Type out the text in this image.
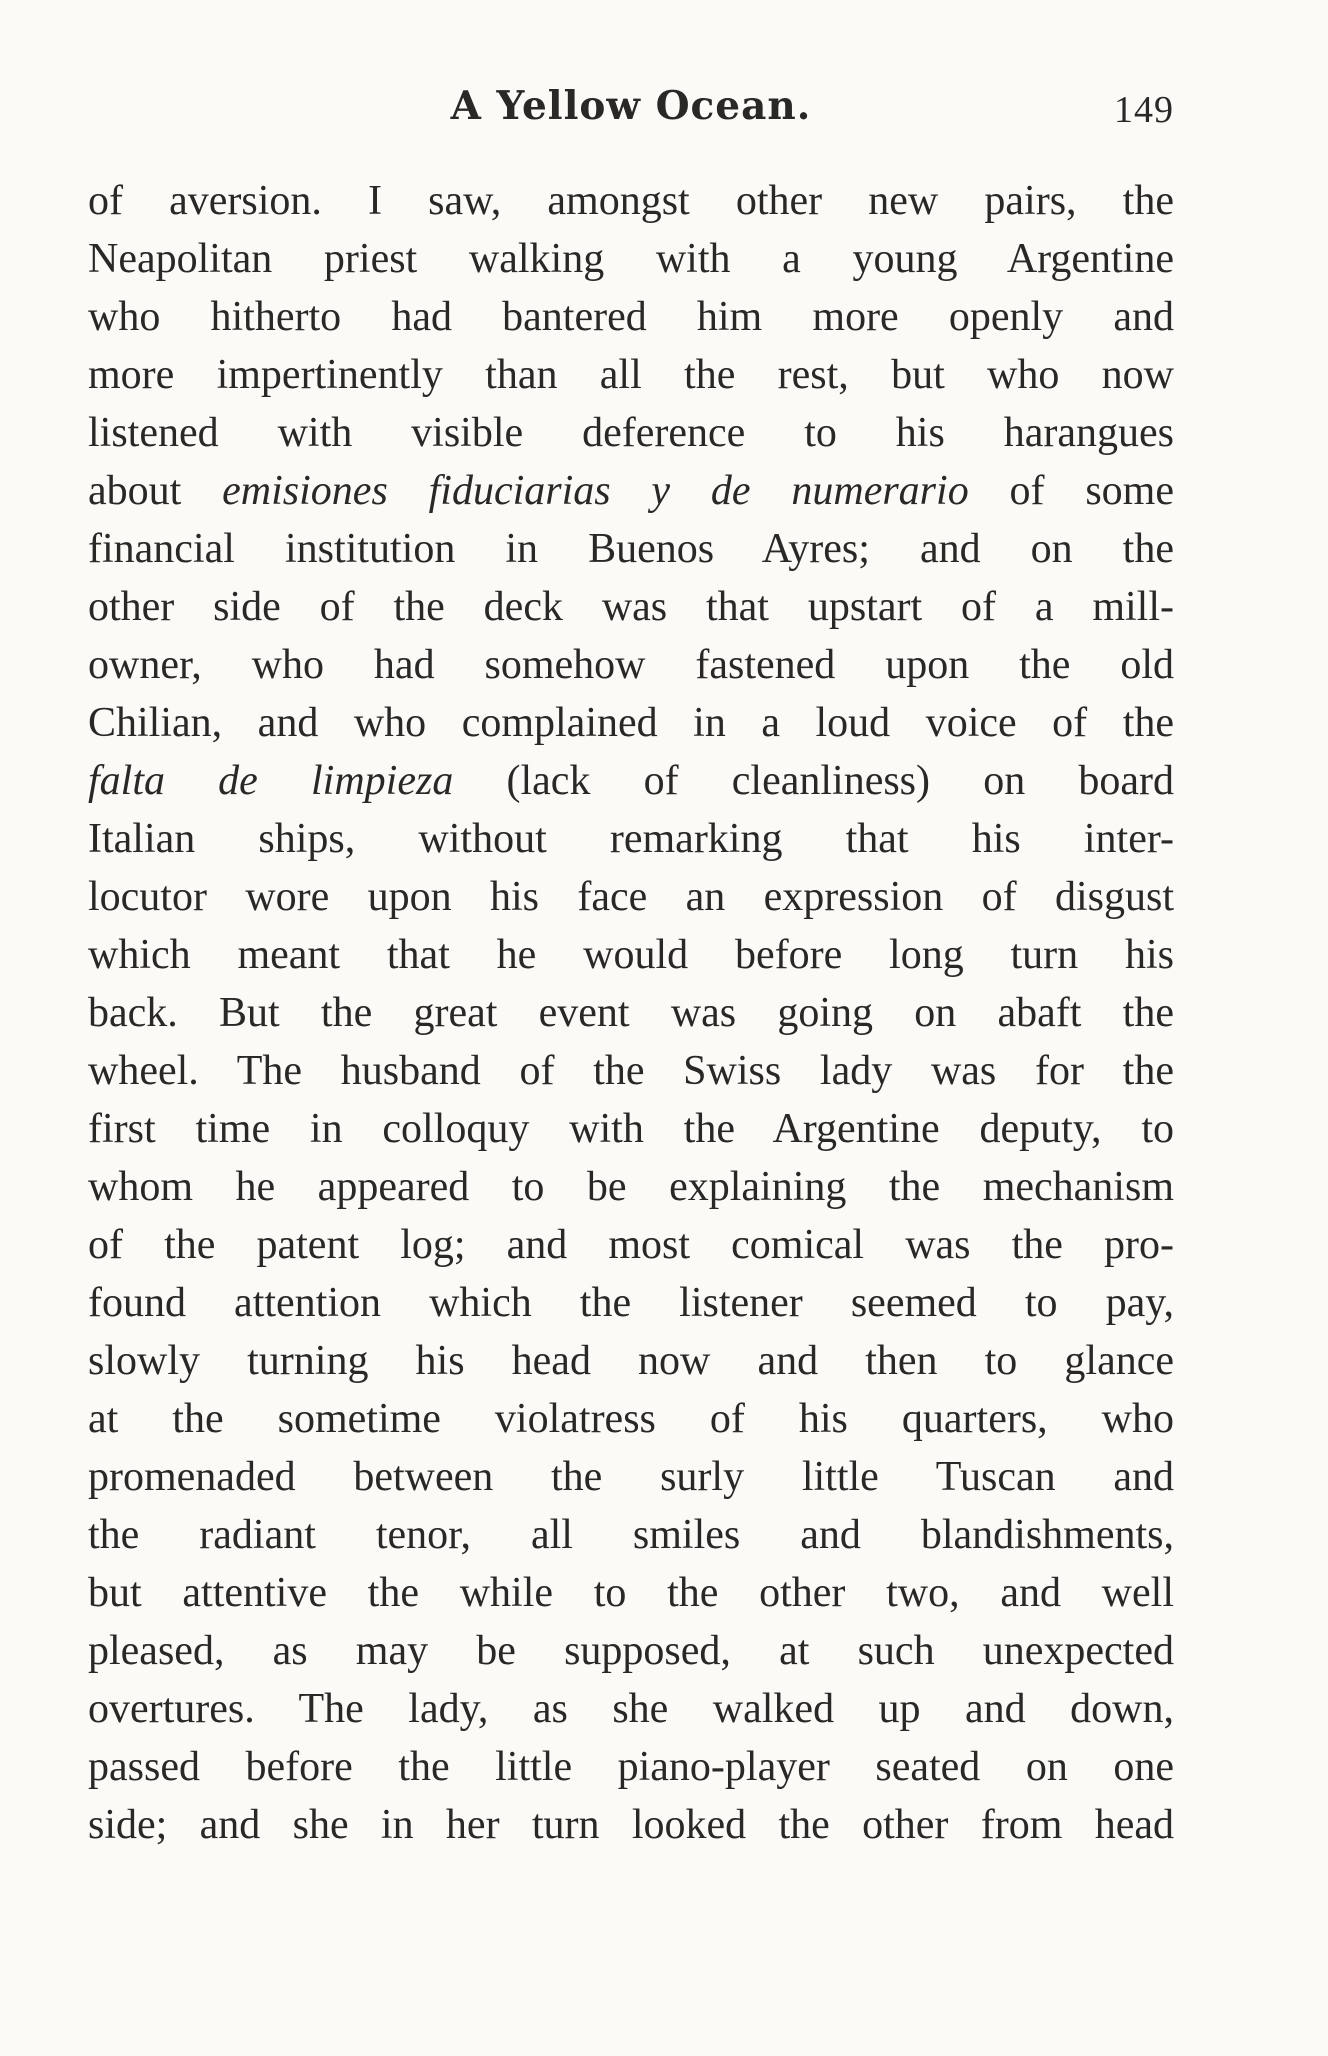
A Yellow Ocean.	149
of aversion. I saw, amongst other new pairs, the
Neapolitan priest walking with a young Argentine
who hitherto had bantered him more openly and
more impertinently than all the rest, but who now
listened with visible deference to his harangues
about emisiones fiduciarias y de numerario of some
financial institution in Buenos Ayres; and on the
other side of the deck was that upstart of a mill-
owner, who had somehow fastened upon the old
Chilian, and who complained in a loud voice of the
falta de limpieza (lack of cleanliness) on board
Italian ships, without remarking that his inter-
locutor wore upon his face an expression of disgust
which meant that he would before long turn his
back. But the great event was going on abaft the
wheel. The husband of the Swiss lady was for the
first time in colloquy with the Argentine deputy, to
whom he appeared to be explaining the mechanism
of the patent log; and most comical was the pro-
found attention which the listener seemed to pay,
slowly turning his head now and then to glance
at the sometime violatress of his quarters, who
promenaded between the surly little Tuscan and
the radiant tenor, all smiles and blandishments,
but attentive the while to the other two, and well
pleased, as may be supposed, at such unexpected
overtures. The lady, as she walked up and down,
passed before the little piano-player seated on one
side; and she in her turn looked the other from head
